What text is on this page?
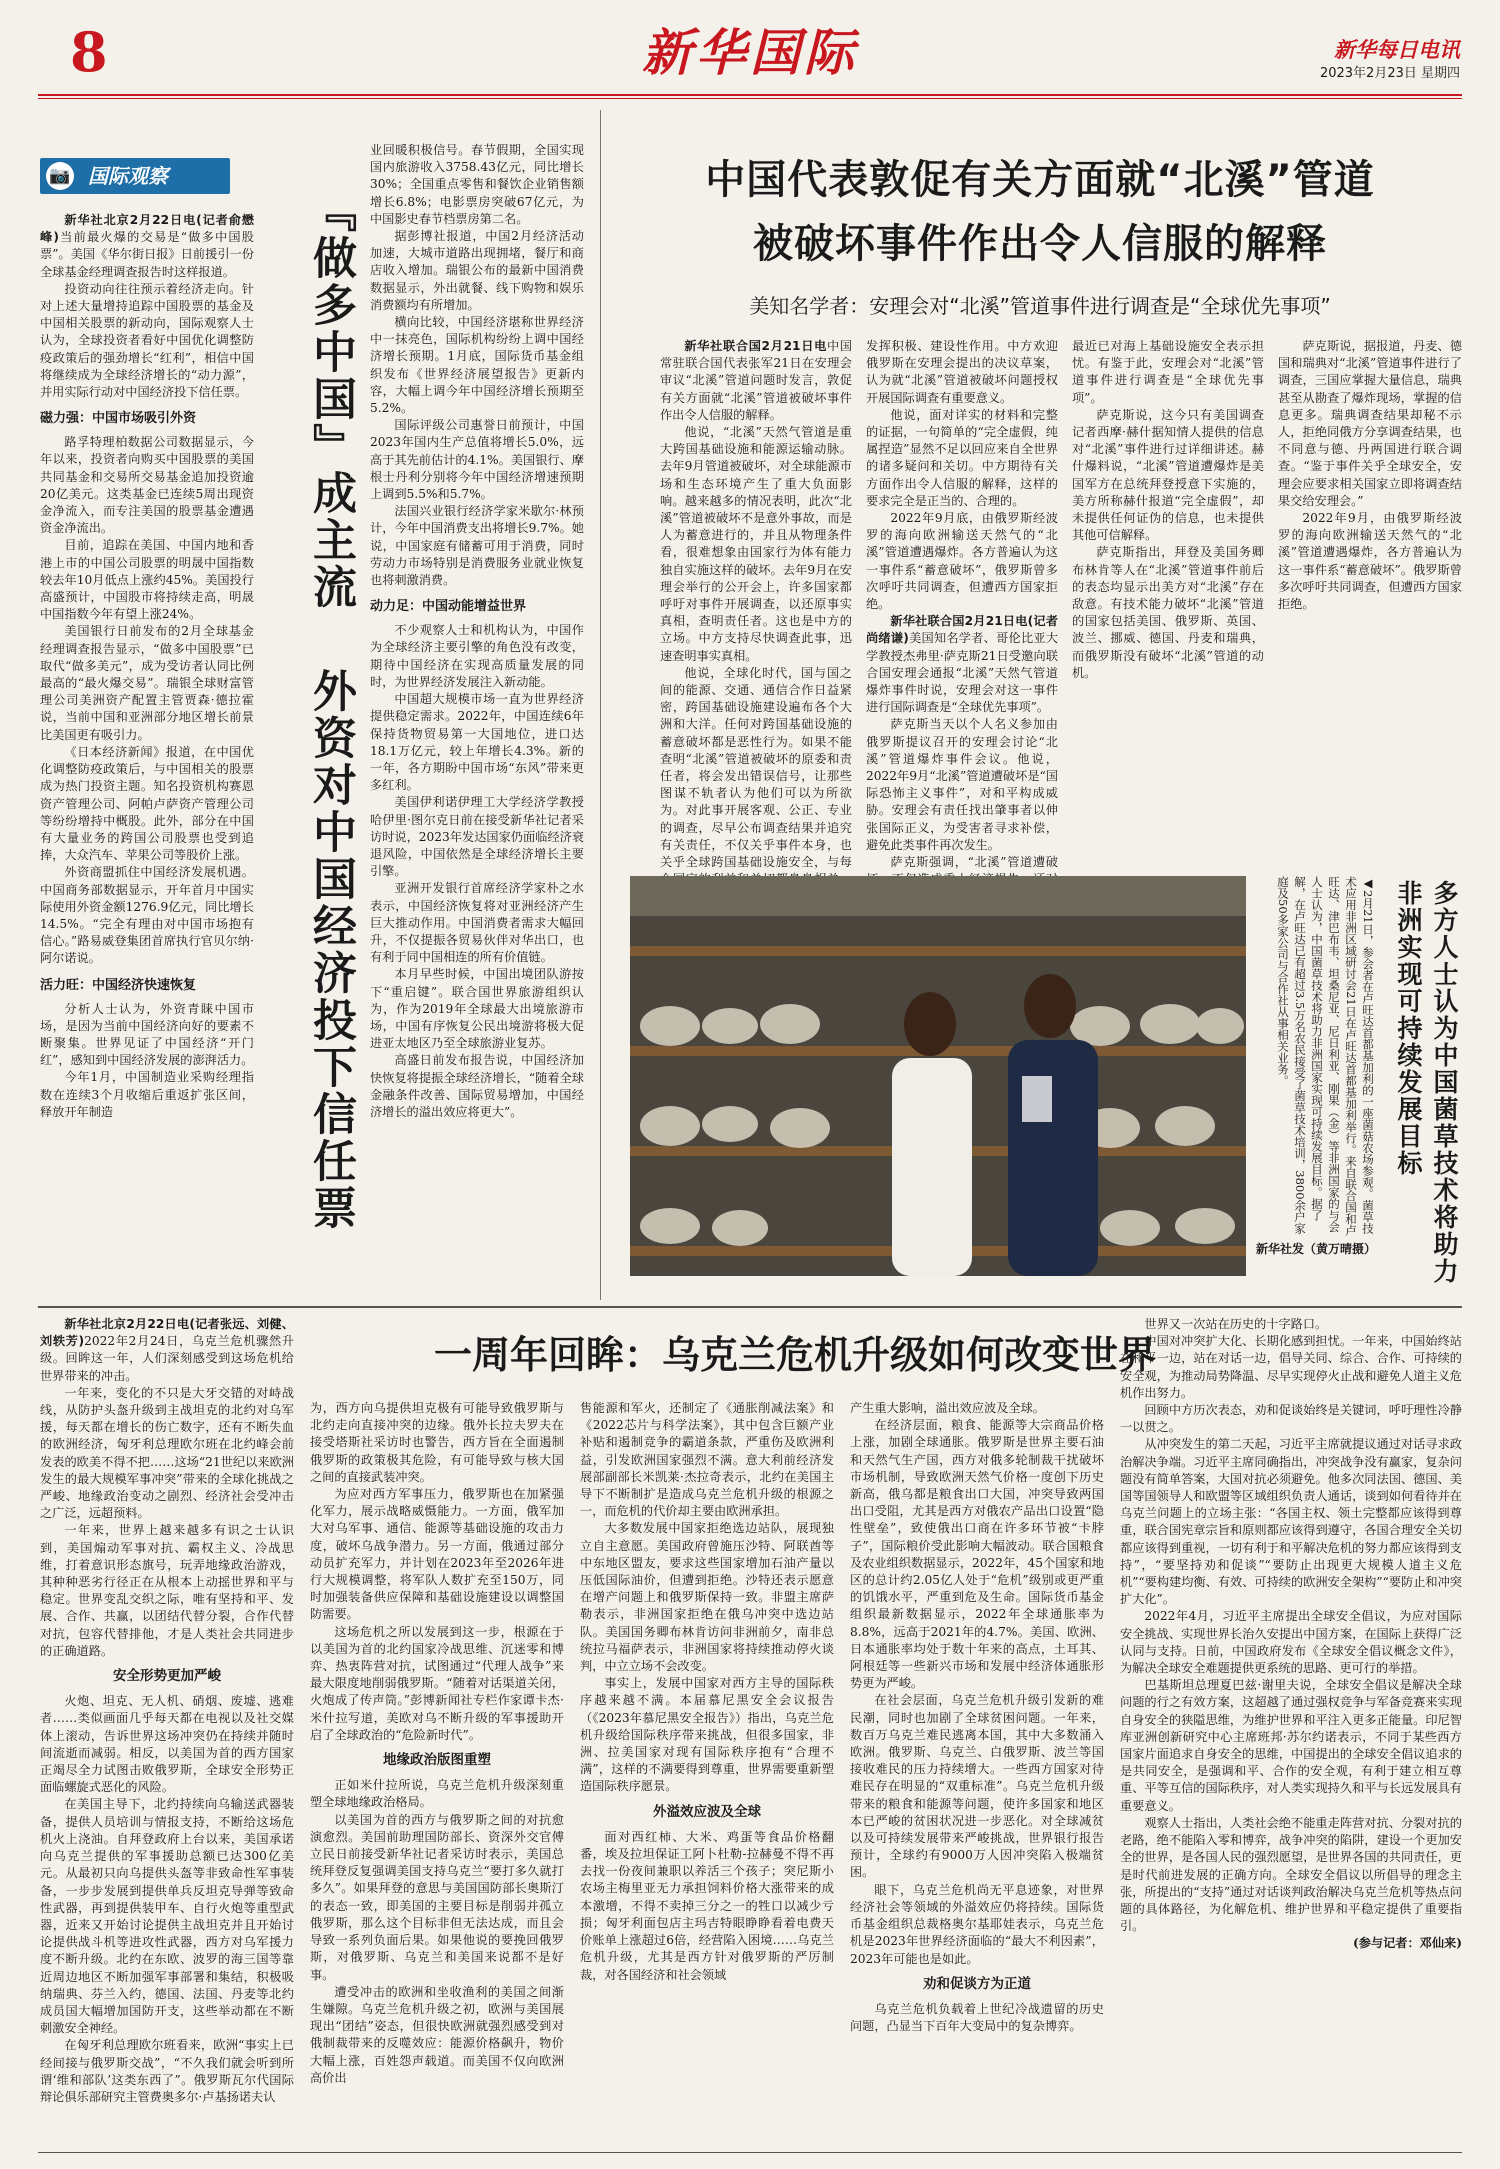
8	新华国际	新华每日电讯
2023年2月23日 星期四
📷 国际观察
『做多中国』成主流  外资对中国经济投下信任票

新华社北京2月22日电(记者俞懋峰)当前最火爆的交易是“做多中国股票”。美国《华尔街日报》日前援引一份全球基金经理调查报告时这样报道。

投资动向往往预示着经济走向。针对上述大量增持追踪中国股票的基金及中国相关股票的新动向，国际观察人士认为，全球投资者看好中国优化调整防疫政策后的强劲增长“红利”，相信中国将继续成为全球经济增长的“动力源”，并用实际行动对中国经济投下信任票。

磁力强：中国市场吸引外资

路孚特理柏数据公司数据显示，今年以来，投资者向购买中国股票的美国共同基金和交易所交易基金追加投资逾20亿美元。这类基金已连续5周出现资金净流入，而专注美国的股票基金遭遇资金净流出。

目前，追踪在美国、中国内地和香港上市的中国公司股票的明晟中国指数较去年10月低点上涨约45%。美国投行高盛预计，中国股市将持续走高，明晟中国指数今年有望上涨24%。

美国银行日前发布的2月全球基金经理调查报告显示，“做多中国股票”已取代“做多美元”，成为受访者认同比例最高的“最火爆交易”。瑞银全球财富管理公司美洲资产配置主管贾森·德拉霍说，当前中国和亚洲部分地区增长前景比美国更有吸引力。

《日本经济新闻》报道，在中国优化调整防疫政策后，与中国相关的股票成为热门投资主题。知名投资机构赛恩资产管理公司、阿帕卢萨资产管理公司等纷纷增持中概股。此外，部分在中国有大量业务的跨国公司股票也受到追捧，大众汽车、苹果公司等股价上涨。

外资商盟抓住中国经济发展机遇。中国商务部数据显示，开年首月中国实际使用外资金额1276.9亿元，同比增长14.5%。“完全有理由对中国市场抱有信心。”路易威登集团首席执行官贝尔纳·阿尔诺说。

活力旺：中国经济快速恢复

分析人士认为，外资青睐中国市场，是因为当前中国经济向好的要素不断聚集。世界见证了中国经济“开门红”，感知到中国经济发展的澎湃活力。

今年1月，中国制造业采购经理指数在连续3个月收缩后重返扩张区间，释放开年制造

业回暖积极信号。春节假期，全国实现国内旅游收入3758.43亿元，同比增长30%；全国重点零售和餐饮企业销售额增长6.8%；电影票房突破67亿元，为中国影史春节档票房第二名。

据彭博社报道，中国2月经济活动加速，大城市道路出现拥堵，餐厅和商店收入增加。瑞银公布的最新中国消费数据显示，外出就餐、线下购物和娱乐消费额均有所增加。

横向比较，中国经济堪称世界经济中一抹亮色，国际机构纷纷上调中国经济增长预期。1月底，国际货币基金组织发布《世界经济展望报告》更新内容，大幅上调今年中国经济增长预期至5.2%。

国际评级公司惠誉日前预计，中国2023年国内生产总值将增长5.0%，远高于其先前估计的4.1%。美国银行、摩根士丹利分别将今年中国经济增速预期上调到5.5%和5.7%。

法国兴业银行经济学家米歇尔·林预计，今年中国消费支出将增长9.7%。她说，中国家庭有储蓄可用于消费，同时劳动力市场特别是消费服务业就业恢复也将刺激消费。

动力足：中国动能增益世界

不少观察人士和机构认为，中国作为全球经济主要引擎的角色没有改变，期待中国经济在实现高质量发展的同时，为世界经济发展注入新动能。

中国超大规模市场一直为世界经济提供稳定需求。2022年，中国连续6年保持货物贸易第一大国地位，进口达18.1万亿元，较上年增长4.3%。新的一年，各方期盼中国市场“东风”带来更多红利。

美国伊利诺伊理工大学经济学教授哈伊里·图尔克日前在接受新华社记者采访时说，2023年发达国家仍面临经济衰退风险，中国依然是全球经济增长主要引擎。

亚洲开发银行首席经济学家朴之水表示，中国经济恢复将对亚洲经济产生巨大推动作用。中国消费者需求大幅回升，不仅提振各贸易伙伴对华出口，也有利于同中国相连的所有价值链。

本月早些时候，中国出境团队游按下“重启键”。联合国世界旅游组织认为，作为2019年全球最大出境旅游市场，中国有序恢复公民出境游将极大促进亚太地区乃至全球旅游业复苏。

高盛日前发布报告说，中国经济加快恢复将提振全球经济增长，“随着全球金融条件改善、国际贸易增加，中国经济增长的溢出效应将更大”。

中国代表敦促有关方面就“北溪”管道
被破坏事件作出令人信服的解释
美知名学者：安理会对“北溪”管道事件进行调查是“全球优先事项”

新华社联合国2月21日电中国常驻联合国代表张军21日在安理会审议“北溪”管道问题时发言，敦促有关方面就“北溪”管道被破坏事件作出令人信服的解释。

他说，“北溪”天然气管道是重大跨国基础设施和能源运输动脉。去年9月管道被破坏，对全球能源市场和生态环境产生了重大负面影响。越来越多的情况表明，此次“北溪”管道被破坏不是意外事故，而是人为蓄意进行的，并且从物理条件看，很难想象由国家行为体有能力独自实施这样的破坏。去年9月在安理会举行的公开会上，许多国家都呼吁对事件开展调查，以还原事实真相，查明责任者。这也是中方的立场。中方支持尽快调查此事，迅速查明事实真相。

他说，全球化时代，国与国之间的能源、交通、通信合作日益紧密，跨国基础设施建设遍布各个大洲和大洋。任何对跨国基础设施的蓄意破坏都是恶性行为。如果不能查明“北溪”管道被破坏的原委和责任者，将会发出错误信号，让那些图谋不轨者认为他们可以为所欲为。对此事开展客观、公正、专业的调查，尽早公布调查结果并追究有关责任，不仅关乎事件本身，也关乎全球跨国基础设施安全，与每

发挥积极、建设性作用。中方欢迎俄罗斯在安理会提出的决议草案，认为就“北溪”管道被破坏问题授权开展国际调查有重要意义。

他说，面对详实的材料和完整的证据，一句简单的“完全虚假，纯属捏造”显然不足以回应来自全世界的诸多疑问和关切。中方期待有关方面作出令人信服的解释，这样的要求完全是正当的、合理的。

2022年9月底，由俄罗斯经波罗的海向欧洲输送天然气的“北溪”管道遭遇爆炸。各方普遍认为这一事件系“蓄意破坏”，俄罗斯曾多次呼吁共同调查，但遭西方国家拒绝。

新华社联合国2月21日电(记者尚绪谦)美国知名学者、哥伦比亚大学教授杰弗里·萨克斯21日受邀向联合国安理会通报“北溪”天然气管道爆炸事件时说，安理会对这一事件进行国际调查是“全球优先事项”。

萨克斯当天以个人名义参加由俄罗斯提议召开的安理会讨论“北溪”管道爆炸事件会议。他说，2022年9月“北溪”管道遭破坏是“国际恐怖主义事件”，对和平构成威胁。安理会有责任找出肇事者以伸张国际正义，为受害者寻求补偿，避免此类事件再次发生。

萨克斯强调，“北溪”管道遭破

最近已对海上基础设施安全表示担忧。有鉴于此，安理会对“北溪”管道事件进行调查是“全球优先事项”。

萨克斯说，这今只有美国调查记者西摩·赫什据知情人提供的信息对“北溪”事件进行过详细讲述。赫什爆料说，“北溪”管道遭爆炸是美国军方在总统拜登授意下实施的，美方所称赫什报道“完全虚假”，却未提供任何证伪的信息，也未提供其他可信解释。

萨克斯指出，拜登及美国务卿布林肯等人在“北溪”管道事件前后的表态均显示出美方对“北溪”存在敌意。有技术能力破坏“北溪”管道的国家包括美国、俄罗斯、英国、波兰、挪威、德国、丹麦和瑞典，而俄罗斯没有破坏“北溪”管道的动机。

萨克斯说，据报道，丹麦、德国和瑞典对“北溪”管道事件进行了调查，三国应掌握大量信息，瑞典甚至从勘查了爆炸现场，掌握的信息更多。瑞典调查结果却秘不示人，拒绝同俄方分享调查结果，也不同意与德、丹两国进行联合调查。“鉴于事件关乎全球安全，安理会应要求相关国家立即将调查结果交给安理会。”

2022年9月，由俄罗斯经波罗的海向欧洲输送天然气的“北溪”管道遭遇爆炸，各方普遍认为这一事件系“蓄意破坏”。俄罗斯曾多次呼吁共同调查，但遭西方国家拒绝。

◀2月21日，参会者在卢旺达首都基加利的一座菌菇农场参观。菌草技术应用非洲区域研讨会21日在卢旺达首都基加利举行。来自联合国和卢旺达、津巴布韦、坦桑尼亚、尼日利亚、刚果（金）等非洲国家的与会人士认为，中国菌草技术将助力非洲国家实现可持续发展目标。据了解，在卢旺达已有超过3.5万名农民接受了菌草技术培训，3800余户家庭及50多家公司与合作社从事相关业务。
新华社发（黄万晴摄）	多方人士认为中国菌草技术将助力非洲实现可持续发展目标
一周年回眸：乌克兰危机升级如何改变世界

新华社北京2月22日电(记者张远、刘健、刘轶芳)2022年2月24日，乌克兰危机骤然升级。回眸这一年，人们深刻感受到这场危机给世界带来的冲击。

一年来，变化的不只是大牙交错的对峙战线，从防护头盔升级到主战坦克的北约对乌军援，每天都在增长的伤亡数字，还有不断失血的欧洲经济，匈牙利总理欧尔班在北约峰会前发表的欧美不得不把……这场“21世纪以来欧洲发生的最大规模军事冲突”带来的全球化挑战之严峻、地缘政治变动之剧烈、经济社会受冲击之广泛，远超预料。

一年来，世界上越来越多有识之士认识到，美国煽动军事对抗、霸权主义、冷战思维，打着意识形态旗号，玩弄地缘政治游戏，其种种恶劣行径正在从根本上动摇世界和平与稳定。世界变乱交织之际，唯有坚持和平、发展、合作、共赢，以团结代替分裂，合作代替对抗，包容代替排他，才是人类社会共同进步的正确道路。

安全形势更加严峻

火炮、坦克、无人机、硝烟、废墟、逃难者……类似画面几乎每天都在电视以及社交媒体上滚动，告诉世界这场冲突仍在持续并随时间流逝而减弱。相反，以美国为首的西方国家正竭尽全力试图击败俄罗斯，全球安全形势正面临螺旋式恶化的风险。

在美国主导下，北约持续向乌输送武器装备，提供人员培训与情报支持，不断给这场危机火上浇油。自拜登政府上台以来，美国承诺向乌克兰提供的军事援助总额已达300亿美元。从最初只向乌提供头盔等非致命性军事装备，一步步发展到提供单兵反坦克导弹等致命性武器，再到提供装甲车、自行火炮等重型武器，近来又开始讨论提供主战坦克并且开始讨论提供战斗机等进攻性武器，西方对乌军援力度不断升级。北约在东欧、波罗的海三国等靠近周边地区不断加强军事部署和集结，积极吸纳瑞典、芬兰入约，德国、法国、丹麦等北约成员国大幅增加国防开支，这些举动都在不断刺激安全神经。

在匈牙利总理欧尔班看来，欧洲“事实上已经间接与俄罗斯交战”，“不久我们就会听到所谓‘维和部队’这类东西了”。俄罗斯瓦尔代国际辩论俱乐部研究主管费奥多尔·卢基扬诺夫认

为，西方向乌提供坦克极有可能导致俄罗斯与北约走向直接冲突的边缘。俄外长拉夫罗夫在接受塔斯社采访时也警告，西方旨在全面遏制俄罗斯的政策极其危险，有可能导致与核大国之间的直接武装冲突。

为应对西方军事压力，俄罗斯也在加紧强化军力，展示战略威慑能力。一方面，俄军加大对乌军事、通信、能源等基础设施的攻击力度，破坏乌战争潜力。另一方面，俄通过部分动员扩充军力，并计划在2023年至2026年进行大规模调整，将军队人数扩充至150万，同时加强装备供应保障和基础设施建设以调整国防需要。

这场危机之所以发展到这一步，根源在于以美国为首的北约国家冷战思维、沉迷零和博弈、热衷阵营对抗，试图通过“代理人战争”来最大限度地削弱俄罗斯。“随着对话渠道关闭，火炮成了传声筒。”彭博新闻社专栏作家谭卡杰·米什拉写道，美欧对乌不断升级的军事援助开启了全球政治的“危险新时代”。

地缘政治版图重塑

正如米什拉所说，乌克兰危机升级深刻重塑全球地缘政治格局。

以美国为首的西方与俄罗斯之间的对抗愈演愈烈。美国前助理国防部长、资深外交官傅立民日前接受新华社记者采访时表示，美国总统拜登反复强调美国支持乌克兰“要打多久就打多久”。如果拜登的意思与美国国防部长奥斯汀的表态一致，即美国的主要目标是削弱并孤立俄罗斯，那么这个目标非但无法达成，而且会导致一系列负面后果。如果他说的要挽回俄罗斯，对俄罗斯、乌克兰和美国来说都不是好事。

遭受冲击的欧洲和坐收渔利的美国之间渐生嫌隙。乌克兰危机升级之初，欧洲与美国展现出“团结”姿态，但很快欧洲就强烈感受到对俄制裁带来的反噬效应：能源价格飙升，物价大幅上涨，百姓怨声载道。而美国不仅向欧洲高价出

售能源和军火，还制定了《通胀削减法案》和《2022芯片与科学法案》，其中包含巨额产业补贴和遏制竞争的霸道条款，严重伤及欧洲利益，引发欧洲国家强烈不满。意大利前经济发展部副部长米凯莱·杰拉奇表示，北约在美国主导下不断制扩是造成乌克兰危机升级的根源之一，而危机的代价却主要由欧洲承担。

大多数发展中国家拒绝选边站队，展现独立自主意愿。美国政府曾施压沙特、阿联酋等中东地区盟友，要求这些国家增加石油产量以压低国际油价，但遭到拒绝。沙特还表示愿意在增产问题上和俄罗斯保持一致。非盟主席萨勒表示，非洲国家拒绝在俄乌冲突中选边站队。美国国务卿布林肯访问非洲前夕，南非总统拉马福萨表示，非洲国家将持续推动停火谈判，中立立场不会改变。

事实上，发展中国家对西方主导的国际秩序越来越不满。本届慕尼黑安全会议报告（《2023年慕尼黑安全报告》）指出，乌克兰危机升级给国际秩序带来挑战，但很多国家，非洲、拉美国家对现有国际秩序抱有“合理不满”，这样的不满要得到尊重，世界需要重新塑造国际秩序愿景。

外溢效应波及全球

面对西红柿、大米、鸡蛋等食品价格翻番，埃及拉坦保证工阿卜杜勒-拉赫曼不得不再去找一份夜间兼职以养活三个孩子；突尼斯小农场主梅里亚无力承担饲料价格大涨带来的成本激增，不得不卖掉三分之一的牲口以减少亏损；匈牙利面包店主玛吉特眼睁睁看着电费天价账单上涨超过6倍，经营陷入困境……乌克兰危机升级，尤其是西方针对俄罗斯的严厉制裁，对各国经济和社会领域

产生重大影响，溢出效应波及全球。

在经济层面，粮食、能源等大宗商品价格上涨，加剧全球通胀。俄罗斯是世界主要石油和天然气生产国，西方对俄多轮制裁干扰破坏市场机制，导致欧洲天然气价格一度创下历史新高，俄乌都是粮食出口大国，冲突导致两国出口受阻，尤其是西方对俄农产品出口设置“隐性壁垒”，致使俄出口商在许多环节被“卡脖子”，国际粮价受此影响大幅波动。联合国粮食及农业组织数据显示，2022年，45个国家和地区的总计约2.05亿人处于“危机”级别或更严重的饥饿水平，严重到危及生命。国际货币基金组织最新数据显示，2022年全球通胀率为8.8%，远高于2021年的4.7%。美国、欧洲、日本通胀率均处于数十年来的高点，土耳其、阿根廷等一些新兴市场和发展中经济体通胀形势更为严峻。

在社会层面，乌克兰危机升级引发新的难民潮，同时也加剧了全球贫困问题。一年来，数百万乌克兰难民逃离本国，其中大多数涌入欧洲。俄罗斯、乌克兰、白俄罗斯、波兰等国接收难民的压力持续增大。一些西方国家对待难民存在明显的“双重标准”。乌克兰危机升级带来的粮食和能源等问题，使许多国家和地区本已严峻的贫困状况进一步恶化。对全球减贫以及可持续发展带来严峻挑战，世界银行报告预计，全球约有9000万人因冲突陷入极端贫困。

眼下，乌克兰危机尚无平息迹象，对世界经济社会等领域的外溢效应仍将持续。国际货币基金组织总裁格奥尔基耶娃表示，乌克兰危机是2023年世界经济面临的“最大不利因素”，2023年可能也是如此。

劝和促谈方为正道

乌克兰危机负载着上世纪冷战遗留的历史问题，凸显当下百年大变局中的复杂博弈。

世界又一次站在历史的十字路口。

中国对冲突扩大化、长期化感到担忧。一年来，中国始终站在和平一边，站在对话一边，倡导关同、综合、合作、可持续的安全观，为推动局势降温、尽早实现停火止战和避免人道主义危机作出努力。

回顾中方历次表态，劝和促谈始终是关键词，呼吁理性冷静一以贯之。

从冲突发生的第二天起，习近平主席就提议通过对话寻求政治解决争端。习近平主席同确指出，冲突战争没有赢家，复杂问题没有简单答案，大国对抗必须避免。他多次同法国、德国、美国等国领导人和欧盟等区域组织负责人通话，谈到如何看待并在乌克兰问题上的立场主张：“各国主权、领土完整都应该得到尊重，联合国宪章宗旨和原则都应该得到遵守，各国合理安全关切都应该得到重视，一切有利于和平解决危机的努力都应该得到支持”，“要坚持劝和促谈”“要防止出现更大规模人道主义危机”“要构建均衡、有效、可持续的欧洲安全架构”“要防止和冲突扩大化”。

2022年4月，习近平主席提出全球安全倡议，为应对国际安全挑战、实现世界长治久安提出中国方案，在国际上获得广泛认同与支持。日前，中国政府发布《全球安全倡议概念文件》，为解决全球安全难题提供更系统的思路、更可行的举措。

巴基斯坦总理夏巴兹·谢里夫说，全球安全倡议是解决全球问题的行之有效方案，这超越了通过强权竞争与军备竞赛来实现自身安全的狭隘思维，为维护世界和平注入更多正能量。印尼智库亚洲创新研究中心主席班邦·苏尔约诺表示，不同于某些西方国家片面追求自身安全的思维，中国提出的全球安全倡议追求的是共同安全，是强调和平、合作的安全观，有利于建立相互尊重、平等互信的国际秩序，对人类实现持久和平与长远发展具有重要意义。

观察人士指出，人类社会绝不能重走阵营对抗、分裂对抗的老路，绝不能陷入零和博弈，战争冲突的陷阱，建设一个更加安全的世界，是各国人民的强烈愿望，是世界各国的共同责任，更是时代前进发展的正确方向。全球安全倡议以所倡导的理念主张，所提出的“支持”通过对话谈判政治解决乌克兰危机等热点问题的具体路径，为化解危机、维护世界和平稳定提供了重要指引。

(参与记者：邓仙来)
